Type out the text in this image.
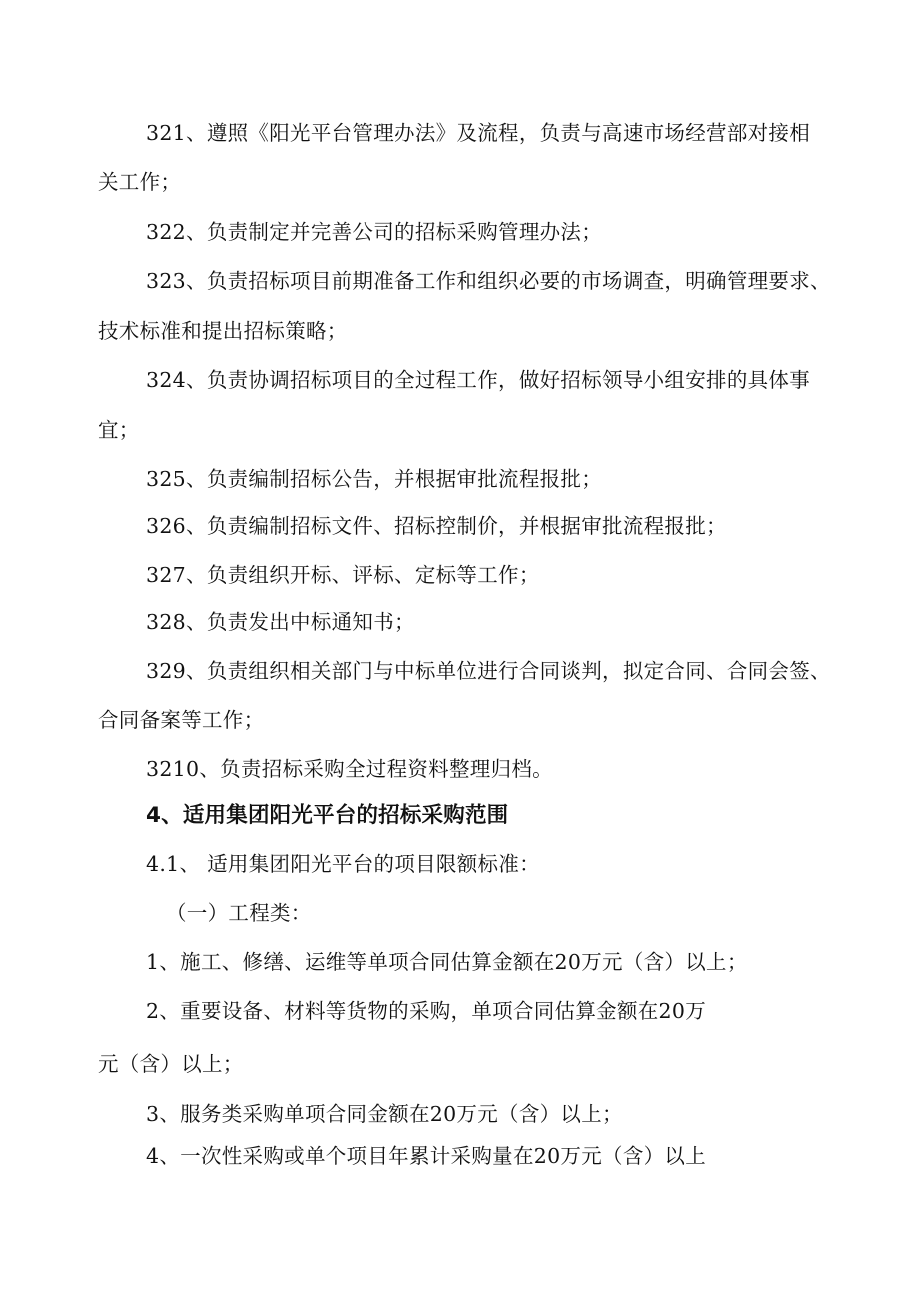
321、遵照《阳光平台管理办法》及流程，负责与高速市场经营部对接相
关工作；
322、负责制定并完善公司的招标采购管理办法；
323、负责招标项目前期准备工作和组织必要的市场调查，明确管理要求、
技术标准和提出招标策略；
324、负责协调招标项目的全过程工作，做好招标领导小组安排的具体事
宜；
325、负责编制招标公告，并根据审批流程报批；
326、负责编制招标文件、招标控制价，并根据审批流程报批；
327、负责组织开标、评标、定标等工作；
328、负责发出中标通知书；
329、负责组织相关部门与中标单位进行合同谈判，拟定合同、合同会签、
合同备案等工作；
3210、负责招标采购全过程资料整理归档。
4、适用集团阳光平台的招标采购范围
4.1、 适用集团阳光平台的项目限额标准：
（一）工程类：
1、施工、修缮、运维等单项合同估算金额在20万元（含）以上；
2、重要设备、材料等货物的采购，单项合同估算金额在20万
元（含）以上；
3、服务类采购单项合同金额在20万元（含）以上；
4、一次性采购或单个项目年累计采购量在20万元（含）以上
